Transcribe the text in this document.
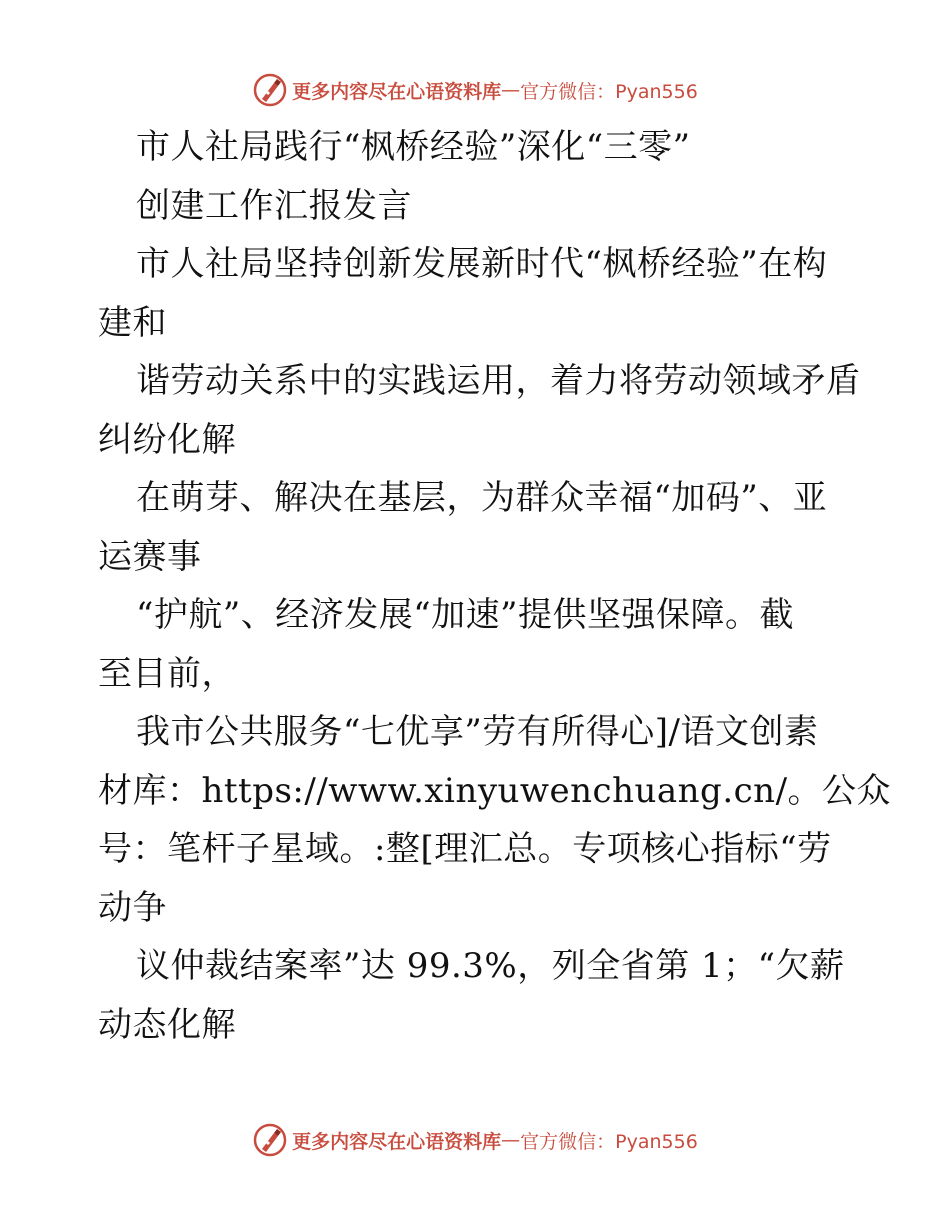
更多内容尽在心语资料库 — 官方微信：Pyan556
市人社局践行“枫桥经验”深化“三零”
创建工作汇报发言
市人社局坚持创新发展新时代“枫桥经验”在构
建和
谐劳动关系中的实践运用，着力将劳动领域矛盾
纠纷化解
在萌芽、解决在基层，为群众幸福“加码”、亚
运赛事
“护航”、经济发展“加速”提供坚强保障。截
至目前，
我市公共服务“七优享”劳有所得心]/语文创素
材库：https://www.xinyuwenchuang.cn/。公众
号：笔杆子星域。:整[理汇总。专项核心指标“劳
动争
议仲裁结案率”达 99.3%，列全省第 1；“欠薪
动态化解
更多内容尽在心语资料库 — 官方微信：Pyan556
